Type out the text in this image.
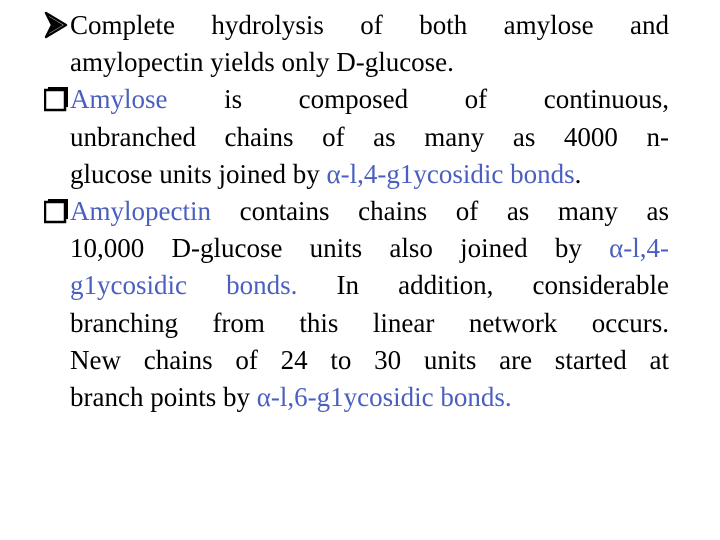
Complete hydrolysis of both amylose and
amylopectin yields only D-glucose.
Amylose is composed of continuous,
unbranched chains of as many as 4000 n-
glucose units joined by α-l,4-g1ycosidic bonds.
Amylopectin contains chains of as many as
10,000 D-glucose units also joined by α-l,4-
g1ycosidic bonds. In addition, considerable
branching from this linear network occurs.
New chains of 24 to 30 units are started at
branch points by α-l,6-g1ycosidic bonds.
